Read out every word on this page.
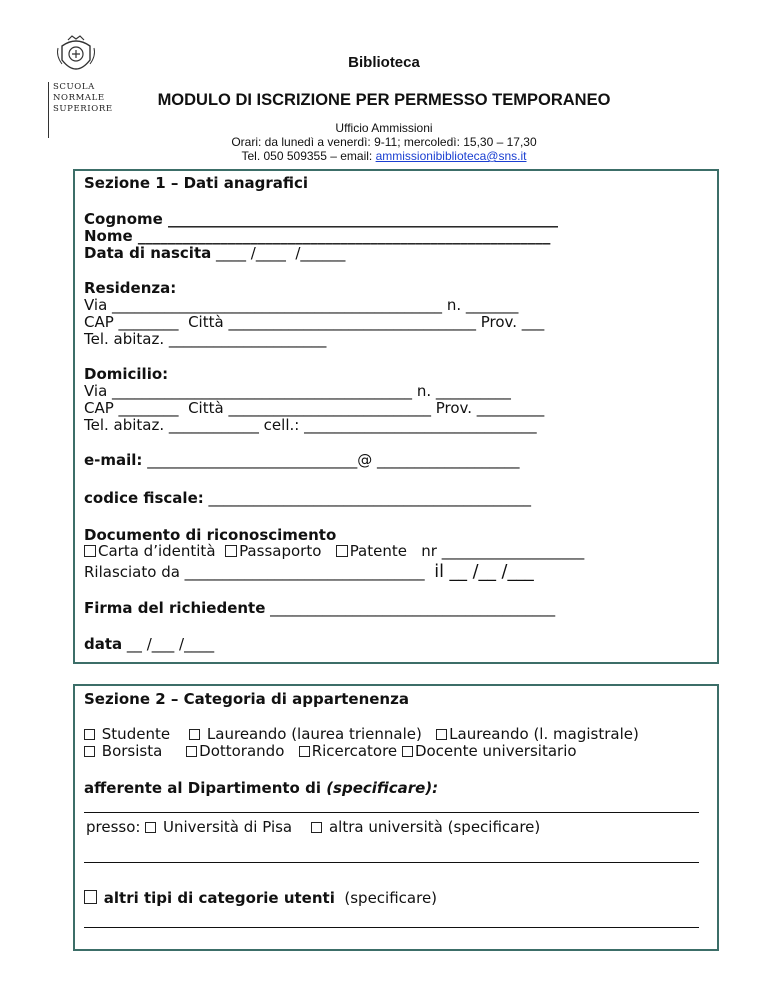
SCUOLA
NORMALE
SUPERIORE
Biblioteca
MODULO DI ISCRIZIONE PER PERMESSO TEMPORANEO
Ufficio Ammissioni
Orari: da lunedì a venerdì: 9-11; mercoledì: 15,30 – 17,30
Tel. 050 509355 – email: ammissionibiblioteca@sns.it
Sezione 1 – Dati anagrafici
Cognome ____________________________________________________
Nome _______________________________________________________
Data di nascita ____ /____  /______
Residenza:
Via ____________________________________________ n. _______
CAP ________  Città _________________________________ Prov. ___
Tel. abitaz. _____________________
Domicilio:
Via ________________________________________ n. __________
CAP ________  Città ___________________________ Prov. _________
Tel. abitaz. ____________ cell.: _______________________________
e-mail: ____________________________@ ___________________
codice fiscale: ___________________________________________
Documento di riconoscimento
Carta d’identità Passaporto Patente nr ___________________
Rilasciato da ________________________________ il __ /__ /___
Firma del richiedente ______________________________________
data __ /___ /____
Sezione 2 – Categoria di appartenenza
Studente Laureando (laurea triennale) Laureando (l. magistrale)
Borsista Dottorando Ricercatore Docente universitario
afferente al Dipartimento di (specificare):
presso: Università di Pisa altra università (specificare)
altri tipi di categorie utenti (specificare)
